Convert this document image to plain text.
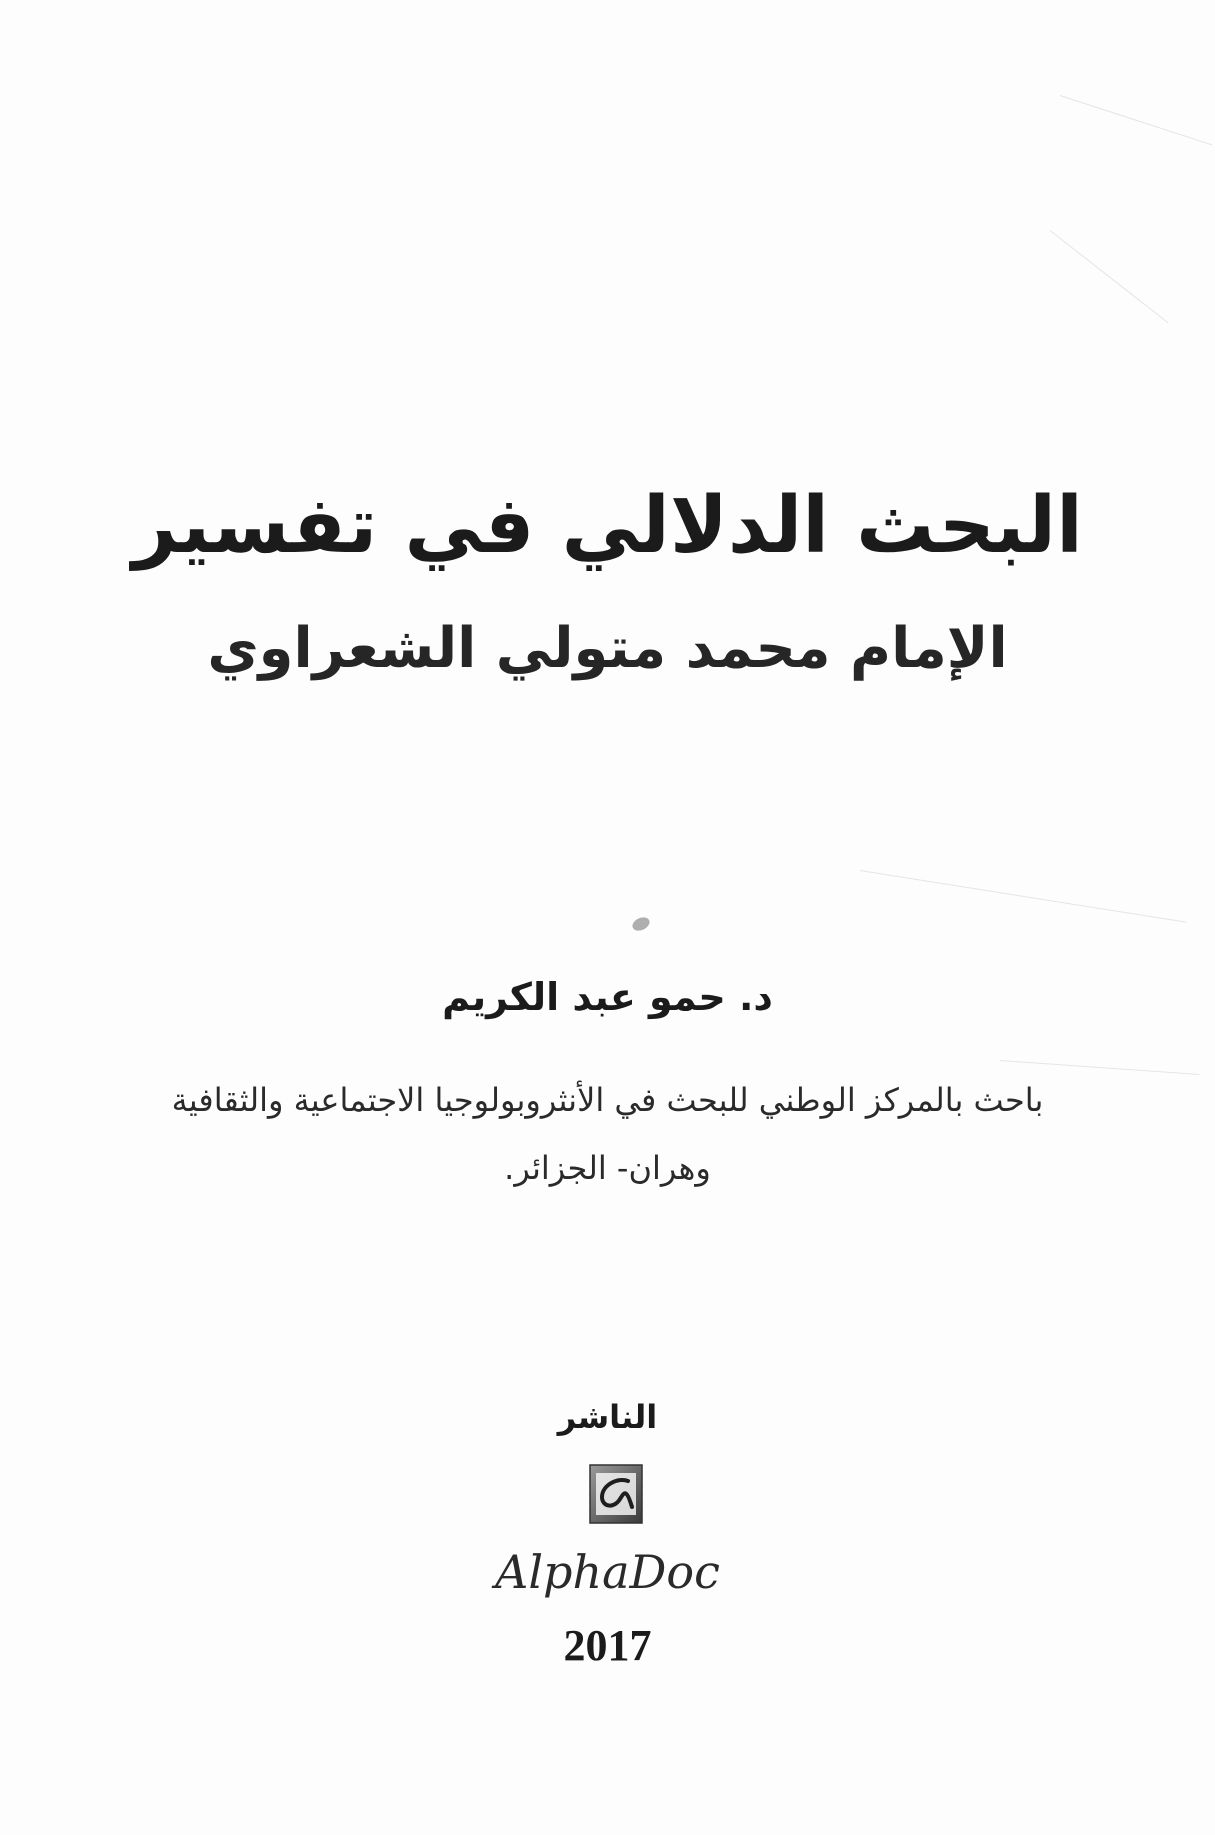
البحث الدلالي في تفسير
الإمام محمد متولي الشعراوي
د. حمو عبد الكريم
باحث بالمركز الوطني للبحث في الأنثروبولوجيا الاجتماعية والثقافية
وهران- الجزائر.
الناشر
AlphaDoc
2017
